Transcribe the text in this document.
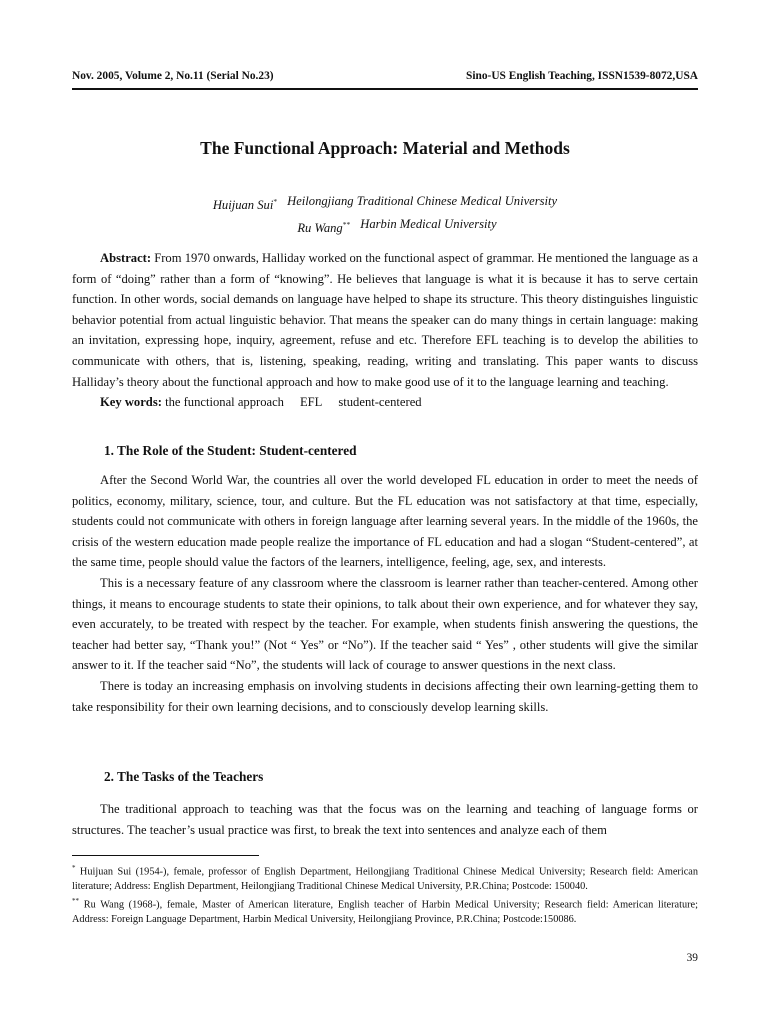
Nov. 2005, Volume 2, No.11 (Serial No.23)	Sino-US English Teaching, ISSN1539-8072,USA
The Functional Approach: Material and Methods
Huijuan Sui* Heilongjiang Traditional Chinese Medical University
Ru Wang** Harbin Medical University

Abstract: From 1970 onwards, Halliday worked on the functional aspect of grammar. He mentioned the language as a form of “doing” rather than a form of “knowing”. He believes that language is what it is because it has to serve certain function. In other words, social demands on language have helped to shape its structure. This theory distinguishes linguistic behavior potential from actual linguistic behavior. That means the speaker can do many things in certain language: making an invitation, expressing hope, inquiry, agreement, refuse and etc. Therefore EFL teaching is to develop the abilities to communicate with others, that is, listening, speaking, reading, writing and translating. This paper wants to discuss Halliday’s theory about the functional approach and how to make good use of it to the language learning and teaching.

Key words: the functional approach EFL student-centered

1. The Role of the Student: Student-centered

After the Second World War, the countries all over the world developed FL education in order to meet the needs of politics, economy, military, science, tour, and culture. But the FL education was not satisfactory at that time, especially, students could not communicate with others in foreign language after learning several years. In the middle of the 1960s, the crisis of the western education made people realize the importance of FL education and had a slogan “Student-centered”, at the same time, people should value the factors of the learners, intelligence, feeling, age, sex, and interests.

This is a necessary feature of any classroom where the classroom is learner rather than teacher-centered. Among other things, it means to encourage students to state their opinions, to talk about their own experience, and for whatever they say, even accurately, to be treated with respect by the teacher. For example, when students finish answering the questions, the teacher had better say, “Thank you!” (Not “ Yes” or “No”). If the teacher said “ Yes” , other students will give the similar answer to it. If the teacher said “No”, the students will lack of courage to answer questions in the next class.

There is today an increasing emphasis on involving students in decisions affecting their own learning-getting them to take responsibility for their own learning decisions, and to consciously develop learning skills.

2. The Tasks of the Teachers

The traditional approach to teaching was that the focus was on the learning and teaching of language forms or structures. The teacher’s usual practice was first, to break the text into sentences and analyze each of them

* Huijuan Sui (1954-), female, professor of English Department, Heilongjiang Traditional Chinese Medical University; Research field: American literature; Address: English Department, Heilongjiang Traditional Chinese Medical University, P.R.China; Postcode: 150040.

** Ru Wang (1968-), female, Master of American literature, English teacher of Harbin Medical University; Research field: American literature; Address: Foreign Language Department, Harbin Medical University, Heilongjiang Province, P.R.China; Postcode:150086.

39
